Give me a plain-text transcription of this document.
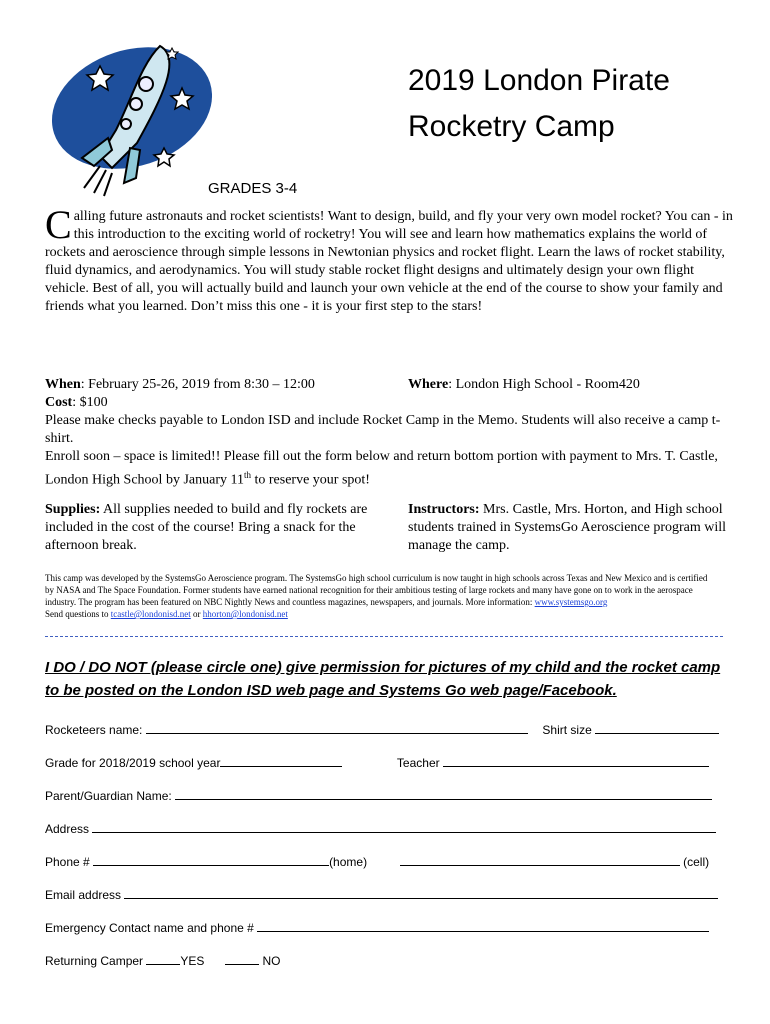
2019 London Pirate
Rocketry Camp
GRADES 3-4
Calling future astronauts and rocket scientists! Want to design, build, and fly your very own model rocket? You can - in this introduction to the exciting world of rocketry! You will see and learn how mathematics explains the world of rockets and aeroscience through simple lessons in Newtonian physics and rocket flight. Learn the laws of rocket stability, fluid dynamics, and aerodynamics. You will study stable rocket flight designs and ultimately design your own flight vehicle. Best of all, you will actually build and launch your own vehicle at the end of the course to show your family and friends what you learned. Don’t miss this one - it is your first step to the stars!
When: February 25-26, 2019 from 8:30 – 12:00	Where: London High School - Room420
Cost: $100
Please make checks payable to London ISD and include Rocket Camp in the Memo. Students will also receive a camp t-shirt.
Enroll soon – space is limited!! Please fill out the form below and return bottom portion with payment to Mrs. T. Castle, London High School by January 11th to reserve your spot!
Supplies: All supplies needed to build and fly rockets are included in the cost of the course! Bring a snack for the afternoon break.
Instructors: Mrs. Castle, Mrs. Horton, and High school students trained in SystemsGo Aeroscience program will manage the camp.
This camp was developed by the SystemsGo Aeroscience program. The SystemsGo high school curriculum is now taught in high schools across Texas and New Mexico and is certified by NASA and The Space Foundation. Former students have earned national recognition for their ambitious testing of large rockets and many have gone on to work in the aerospace industry. The program has been featured on NBC Nightly News and countless magazines, newspapers, and journals. More information: www.systemsgo.org
Send questions to tcastle@londonisd.net or hhorton@londonisd.net
I DO / DO NOT (please circle one) give permission for pictures of my child and the rocket camp to be posted on the London ISD web page and Systems Go web page/Facebook.
Rocketeers name:	Shirt size
Grade for 2018/2019 school year	Teacher
Parent/Guardian Name:
Address
Phone #	(home)	(cell)
Email address
Emergency Contact name and phone #
Returning Camper	YES	NO
